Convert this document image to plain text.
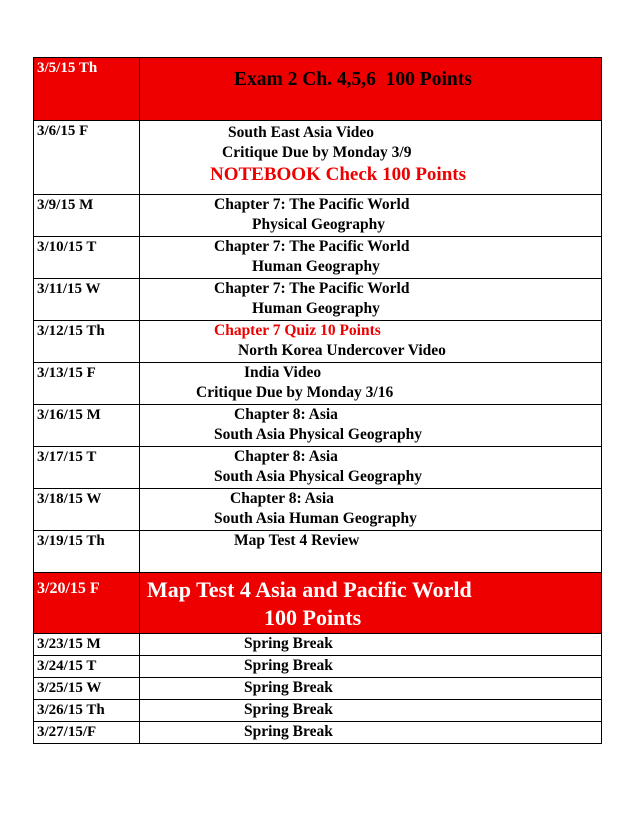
3/5/15 Th	Exam 2 Ch. 4,5,6  100 Points

3/6/15 F	South East Asia Video
Critique Due by Monday 3/9
NOTEBOOK Check 100 Points

3/9/15 M	Chapter 7: The Pacific World
Physical Geography

3/10/15 T	Chapter 7: The Pacific World
Human Geography

3/11/15 W	Chapter 7: The Pacific World
Human Geography

3/12/15 Th	Chapter 7 Quiz 10 Points
North Korea Undercover Video

3/13/15 F	India Video
Critique Due by Monday 3/16

3/16/15 M	Chapter 8: Asia
South Asia Physical Geography

3/17/15 T	Chapter 8: Asia
South Asia Physical Geography

3/18/15 W	Chapter 8: Asia
South Asia Human Geography

3/19/15 Th	Map Test 4 Review

3/20/15 F	Map Test 4 Asia and Pacific World
100 Points

3/23/15 M	Spring Break

3/24/15 T	Spring Break

3/25/15 W	Spring Break

3/26/15 Th	Spring Break

3/27/15/F	Spring Break
